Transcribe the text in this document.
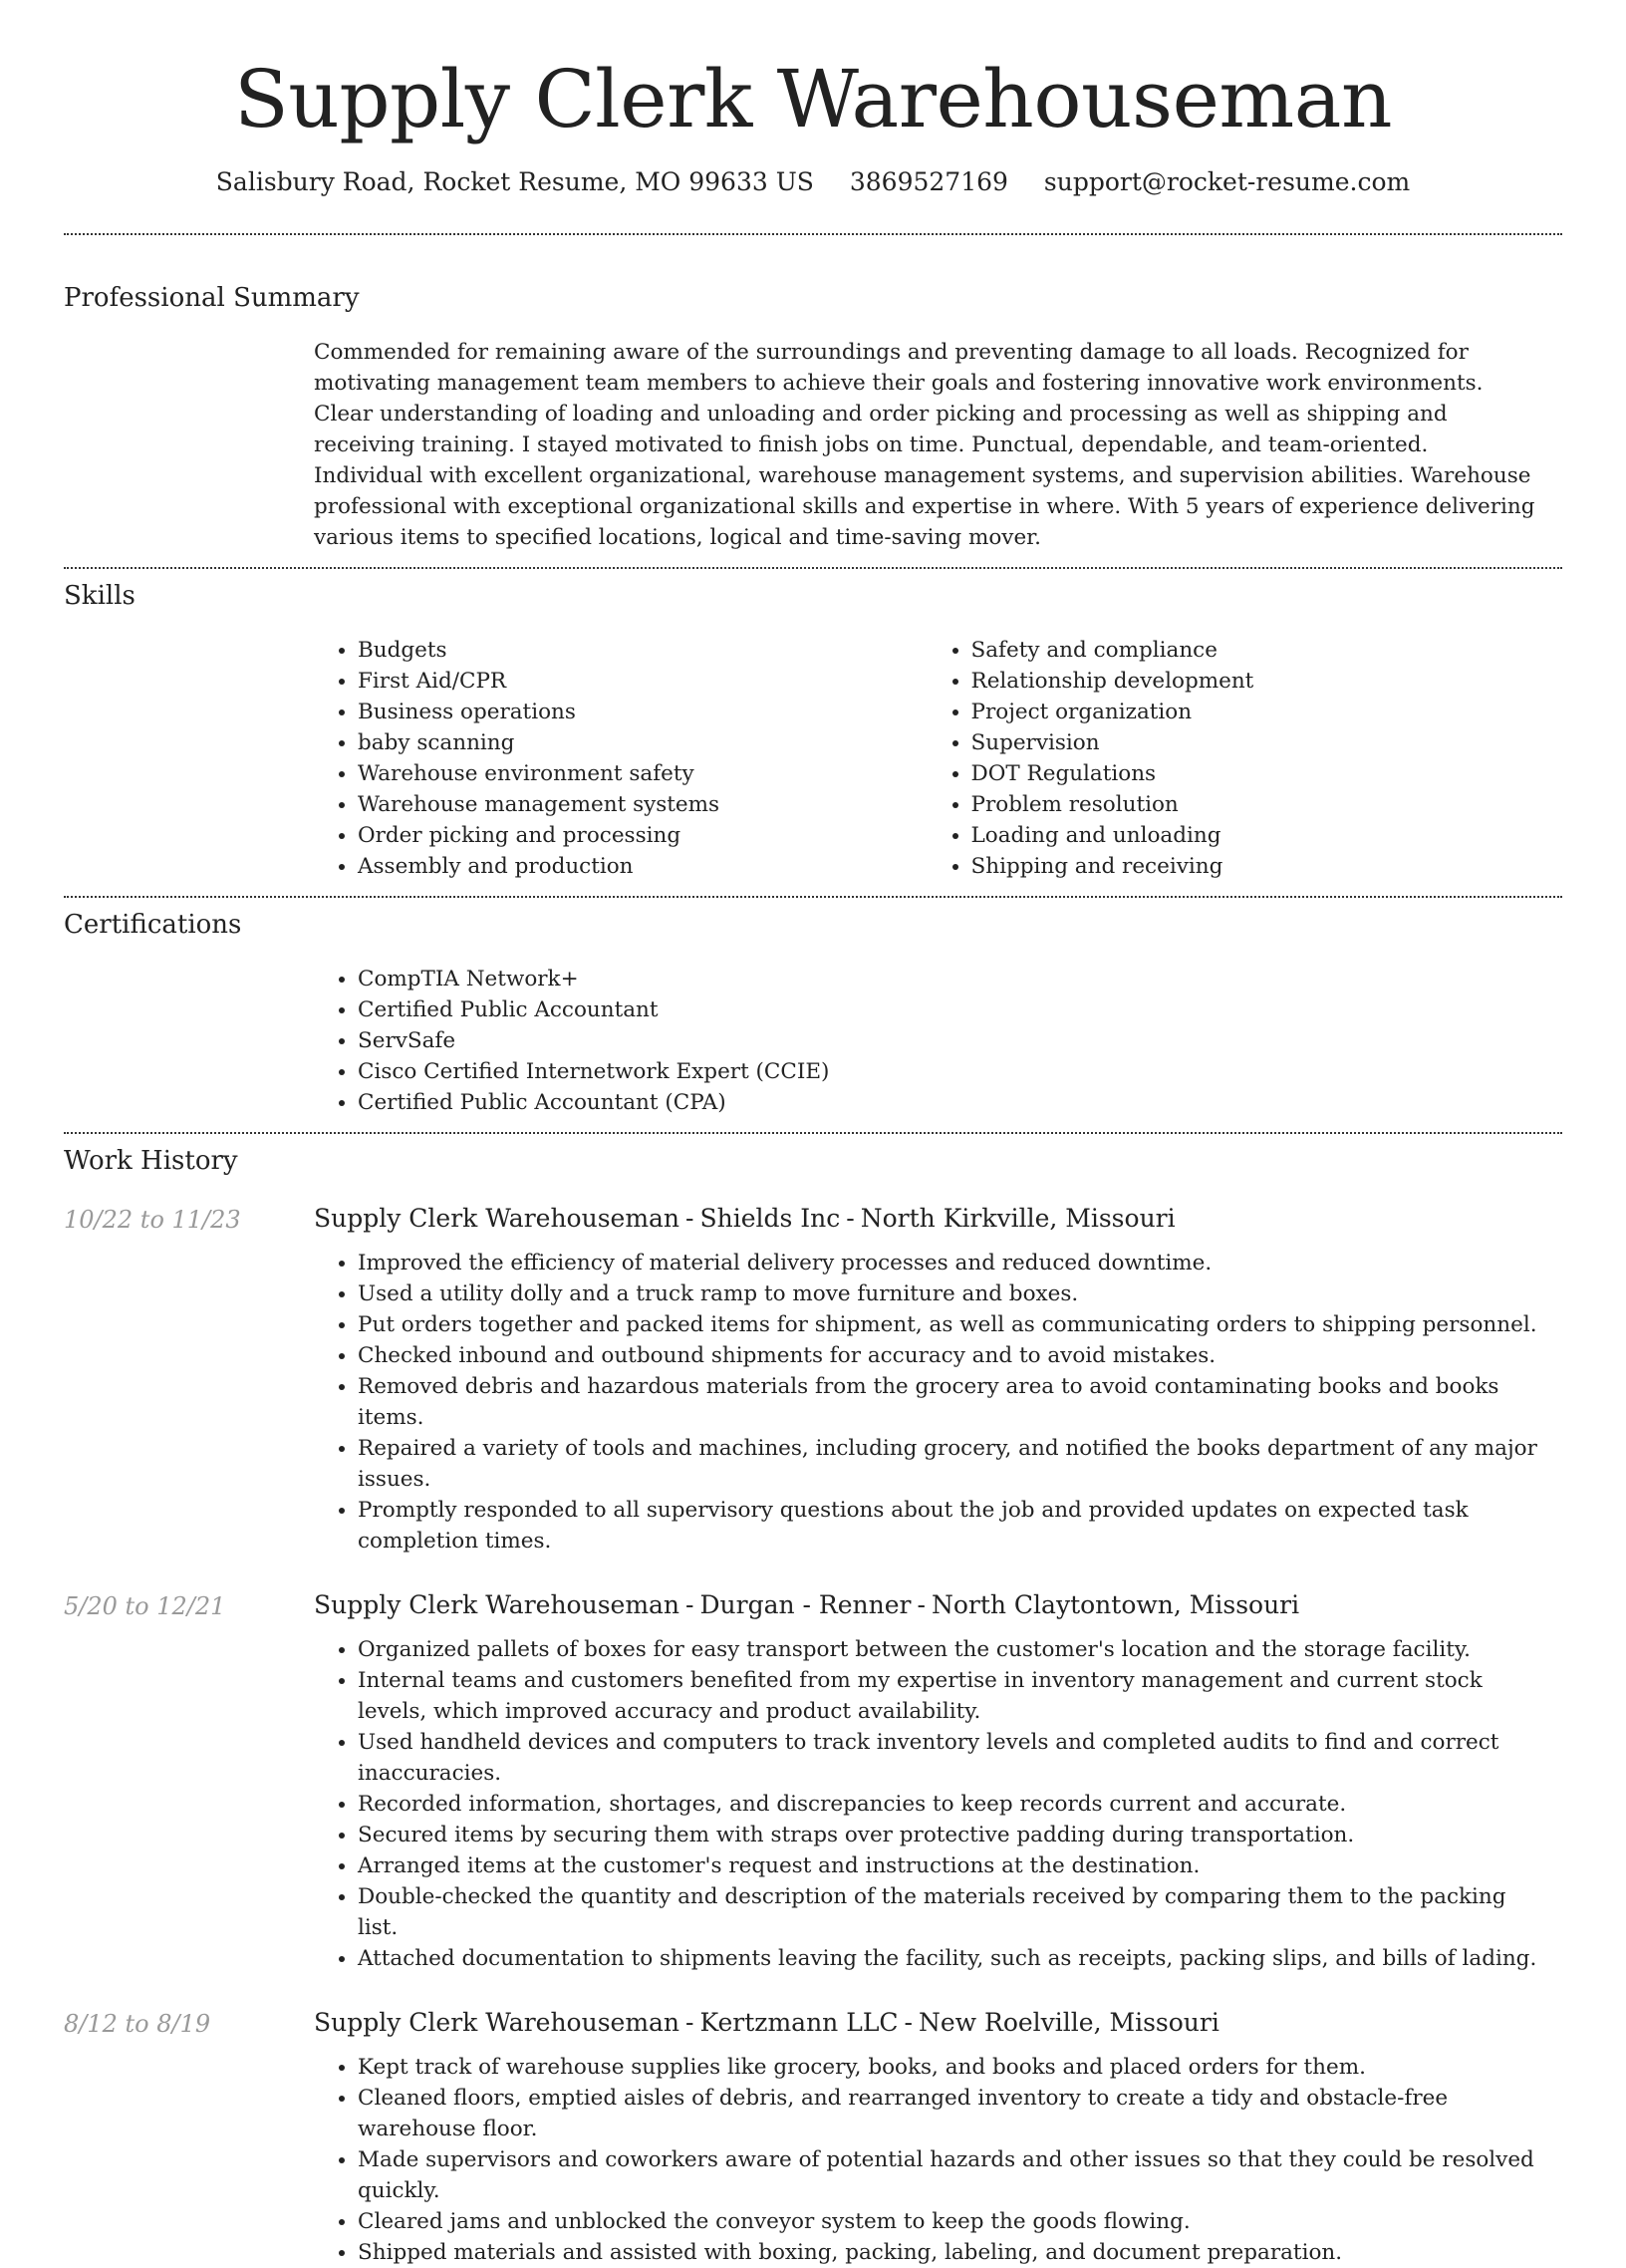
Supply Clerk Warehouseman
Salisbury Road, Rocket Resume, MO 99633 US 3869527169 support@rocket-resume.com
Professional Summary
Commended for remaining aware of the surroundings and preventing damage to all loads. Recognized for motivating management team members to achieve their goals and fostering innovative work environments. Clear understanding of loading and unloading and order picking and processing as well as shipping and receiving training. I stayed motivated to finish jobs on time. Punctual, dependable, and team-oriented. Individual with excellent organizational, warehouse management systems, and supervision abilities. Warehouse professional with exceptional organizational skills and expertise in where. With 5 years of experience delivering various items to specified locations, logical and time-saving mover.
Skills
• Budgets
• First Aid/CPR
• Business operations
• baby scanning
• Warehouse environment safety
• Warehouse management systems
• Order picking and processing
• Assembly and production
• Safety and compliance
• Relationship development
• Project organization
• Supervision
• DOT Regulations
• Problem resolution
• Loading and unloading
• Shipping and receiving
Certifications
• CompTIA Network+
• Certified Public Accountant
• ServSafe
• Cisco Certified Internetwork Expert (CCIE)
• Certified Public Accountant (CPA)
Work History
10/22 to 11/23	Supply Clerk Warehouseman - Shields Inc - North Kirkville, Missouri
• Improved the efficiency of material delivery processes and reduced downtime.
• Used a utility dolly and a truck ramp to move furniture and boxes.
• Put orders together and packed items for shipment, as well as communicating orders to shipping personnel.
• Checked inbound and outbound shipments for accuracy and to avoid mistakes.
• Removed debris and hazardous materials from the grocery area to avoid contaminating books and books items.
• Repaired a variety of tools and machines, including grocery, and notified the books department of any major issues.
• Promptly responded to all supervisory questions about the job and provided updates on expected task completion times.
5/20 to 12/21	Supply Clerk Warehouseman - Durgan - Renner - North Claytontown, Missouri
• Organized pallets of boxes for easy transport between the customer's location and the storage facility.
• Internal teams and customers benefited from my expertise in inventory management and current stock levels, which improved accuracy and product availability.
• Used handheld devices and computers to track inventory levels and completed audits to find and correct inaccuracies.
• Recorded information, shortages, and discrepancies to keep records current and accurate.
• Secured items by securing them with straps over protective padding during transportation.
• Arranged items at the customer's request and instructions at the destination.
• Double-checked the quantity and description of the materials received by comparing them to the packing list.
• Attached documentation to shipments leaving the facility, such as receipts, packing slips, and bills of lading.
8/12 to 8/19	Supply Clerk Warehouseman - Kertzmann LLC - New Roelville, Missouri
• Kept track of warehouse supplies like grocery, books, and books and placed orders for them.
• Cleaned floors, emptied aisles of debris, and rearranged inventory to create a tidy and obstacle-free warehouse floor.
• Made supervisors and coworkers aware of potential hazards and other issues so that they could be resolved quickly.
• Cleared jams and unblocked the conveyor system to keep the goods flowing.
• Shipped materials and assisted with boxing, packing, labeling, and document preparation.
